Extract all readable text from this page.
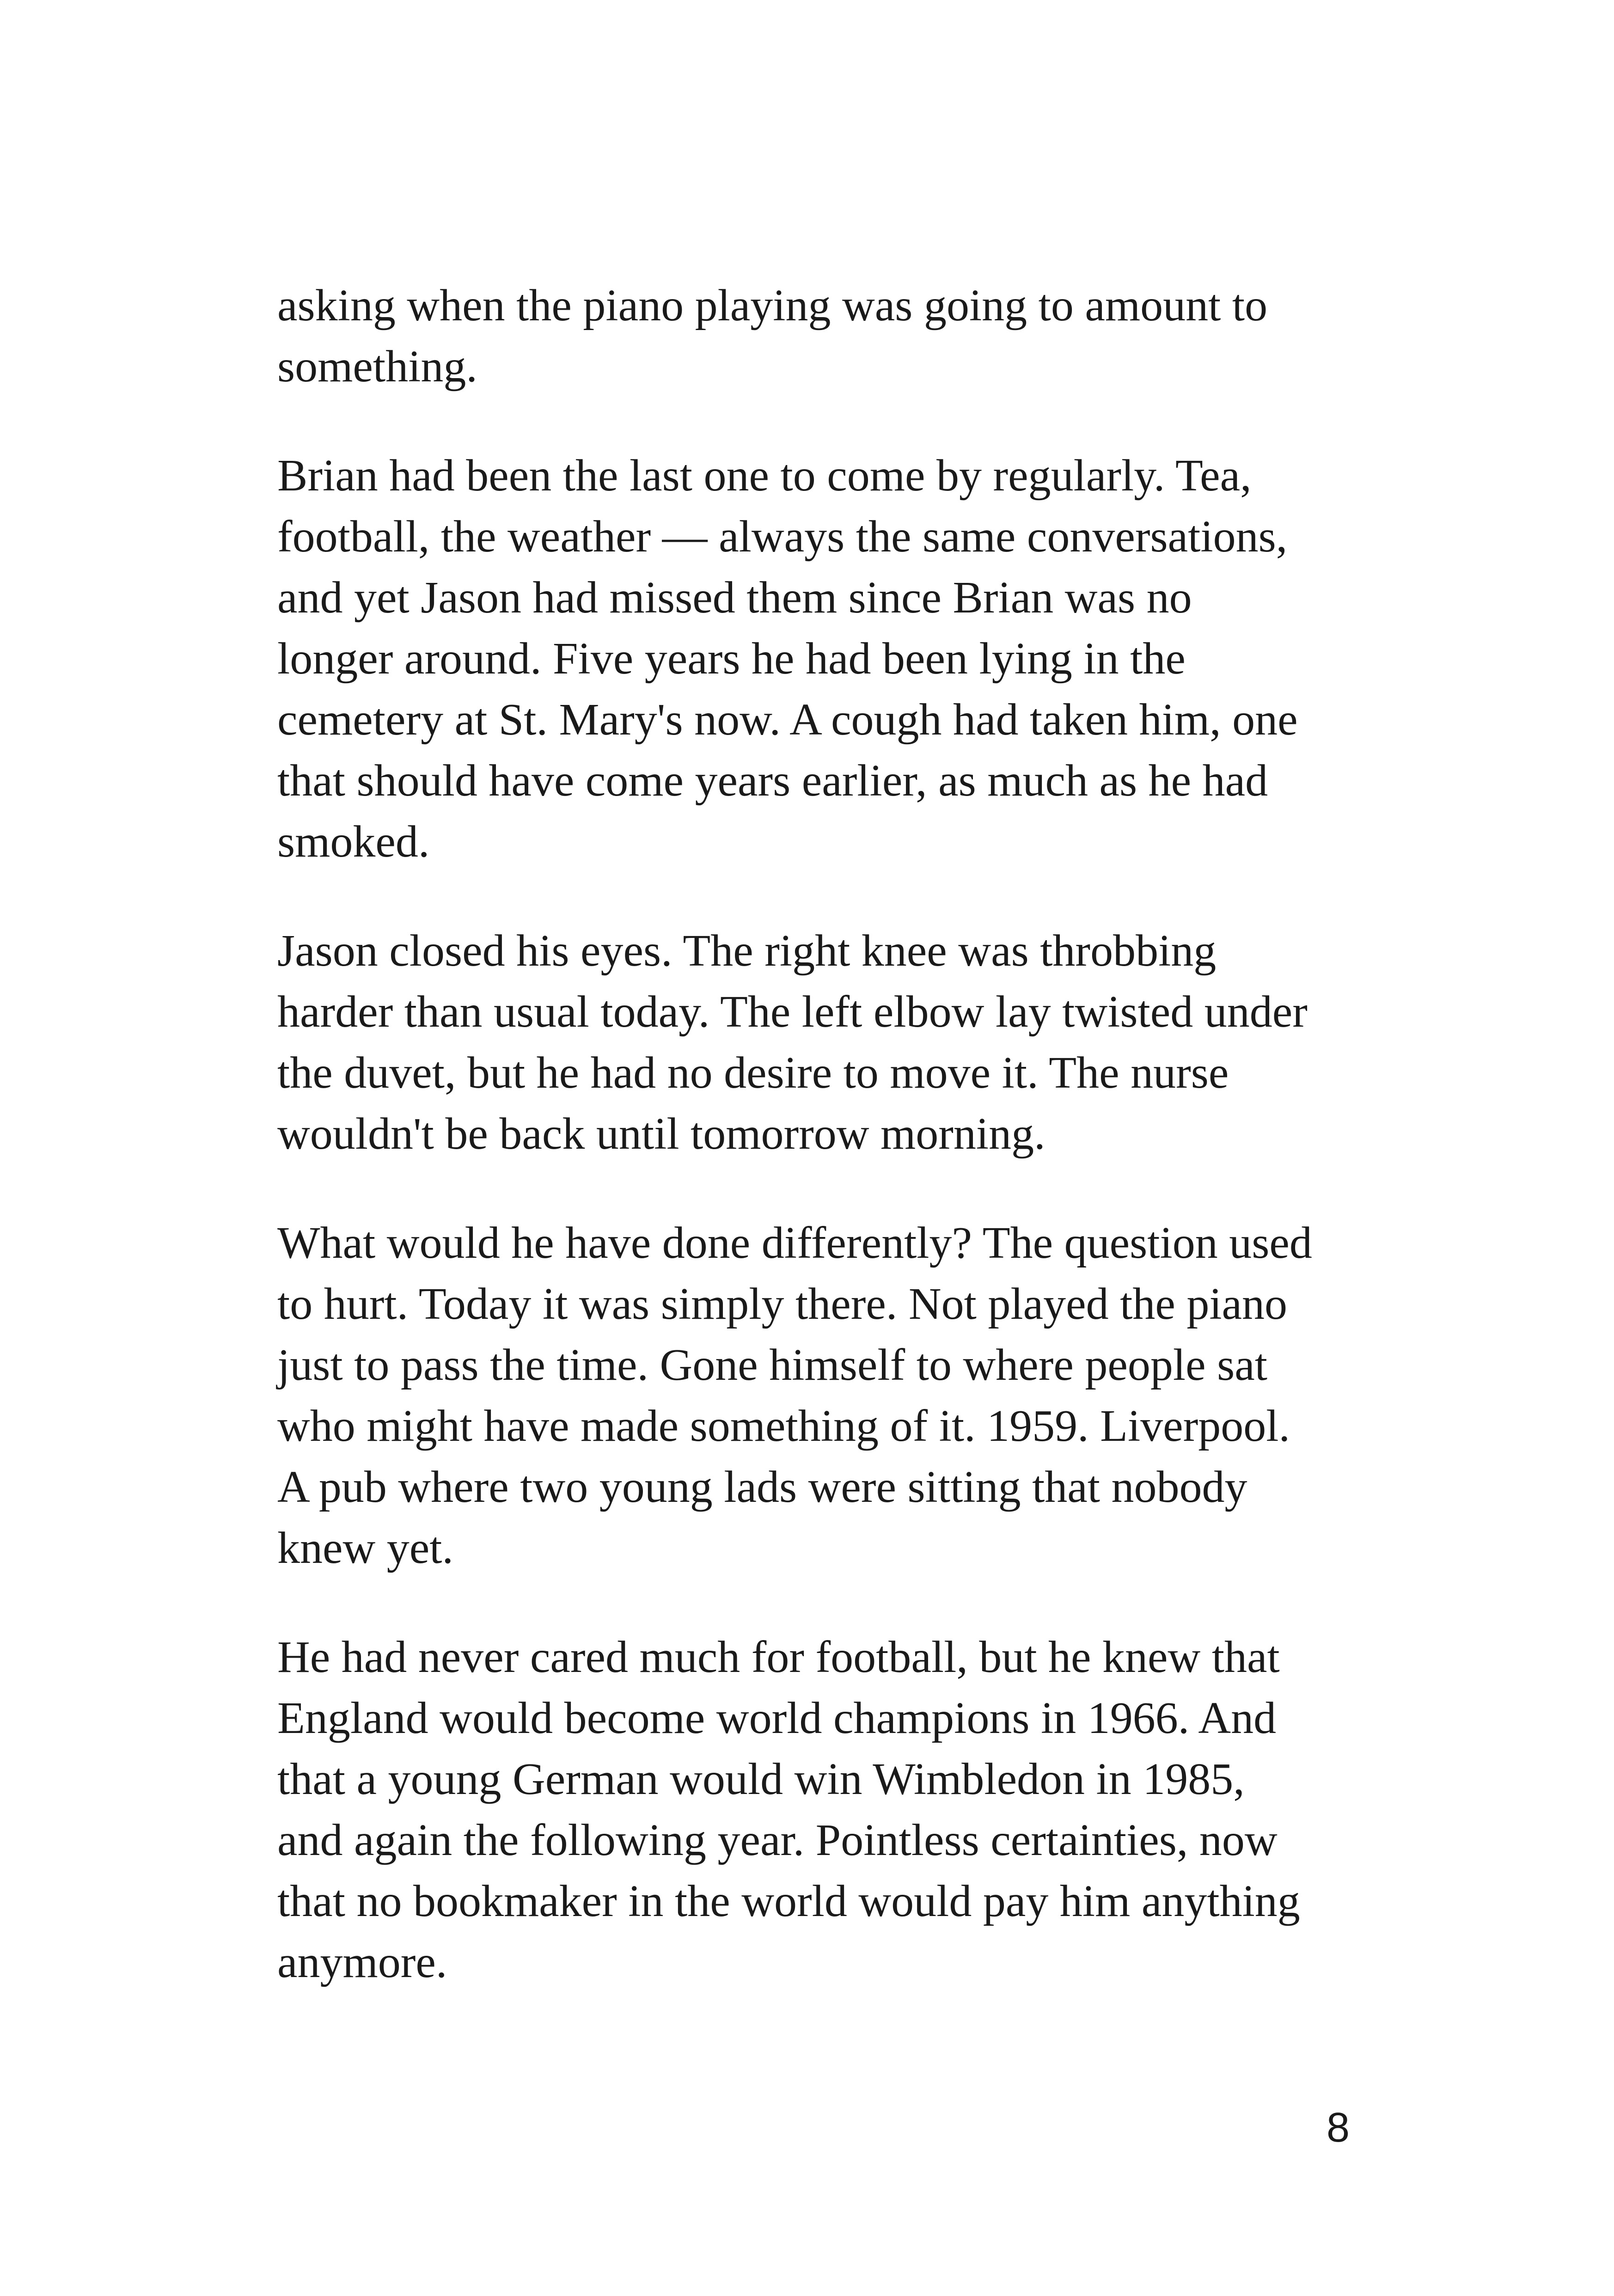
asking when the piano playing was going to amount to
something.

Brian had been the last one to come by regularly. Tea,
football, the weather — always the same conversations,
and yet Jason had missed them since Brian was no
longer around. Five years he had been lying in the
cemetery at St. Mary's now. A cough had taken him, one
that should have come years earlier, as much as he had
smoked.

Jason closed his eyes. The right knee was throbbing
harder than usual today. The left elbow lay twisted under
the duvet, but he had no desire to move it. The nurse
wouldn't be back until tomorrow morning.

What would he have done differently? The question used
to hurt. Today it was simply there. Not played the piano
just to pass the time. Gone himself to where people sat
who might have made something of it. 1959. Liverpool.
A pub where two young lads were sitting that nobody
knew yet.

He had never cared much for football, but he knew that
England would become world champions in 1966. And
that a young German would win Wimbledon in 1985,
and again the following year. Pointless certainties, now
that no bookmaker in the world would pay him anything
anymore.

8
